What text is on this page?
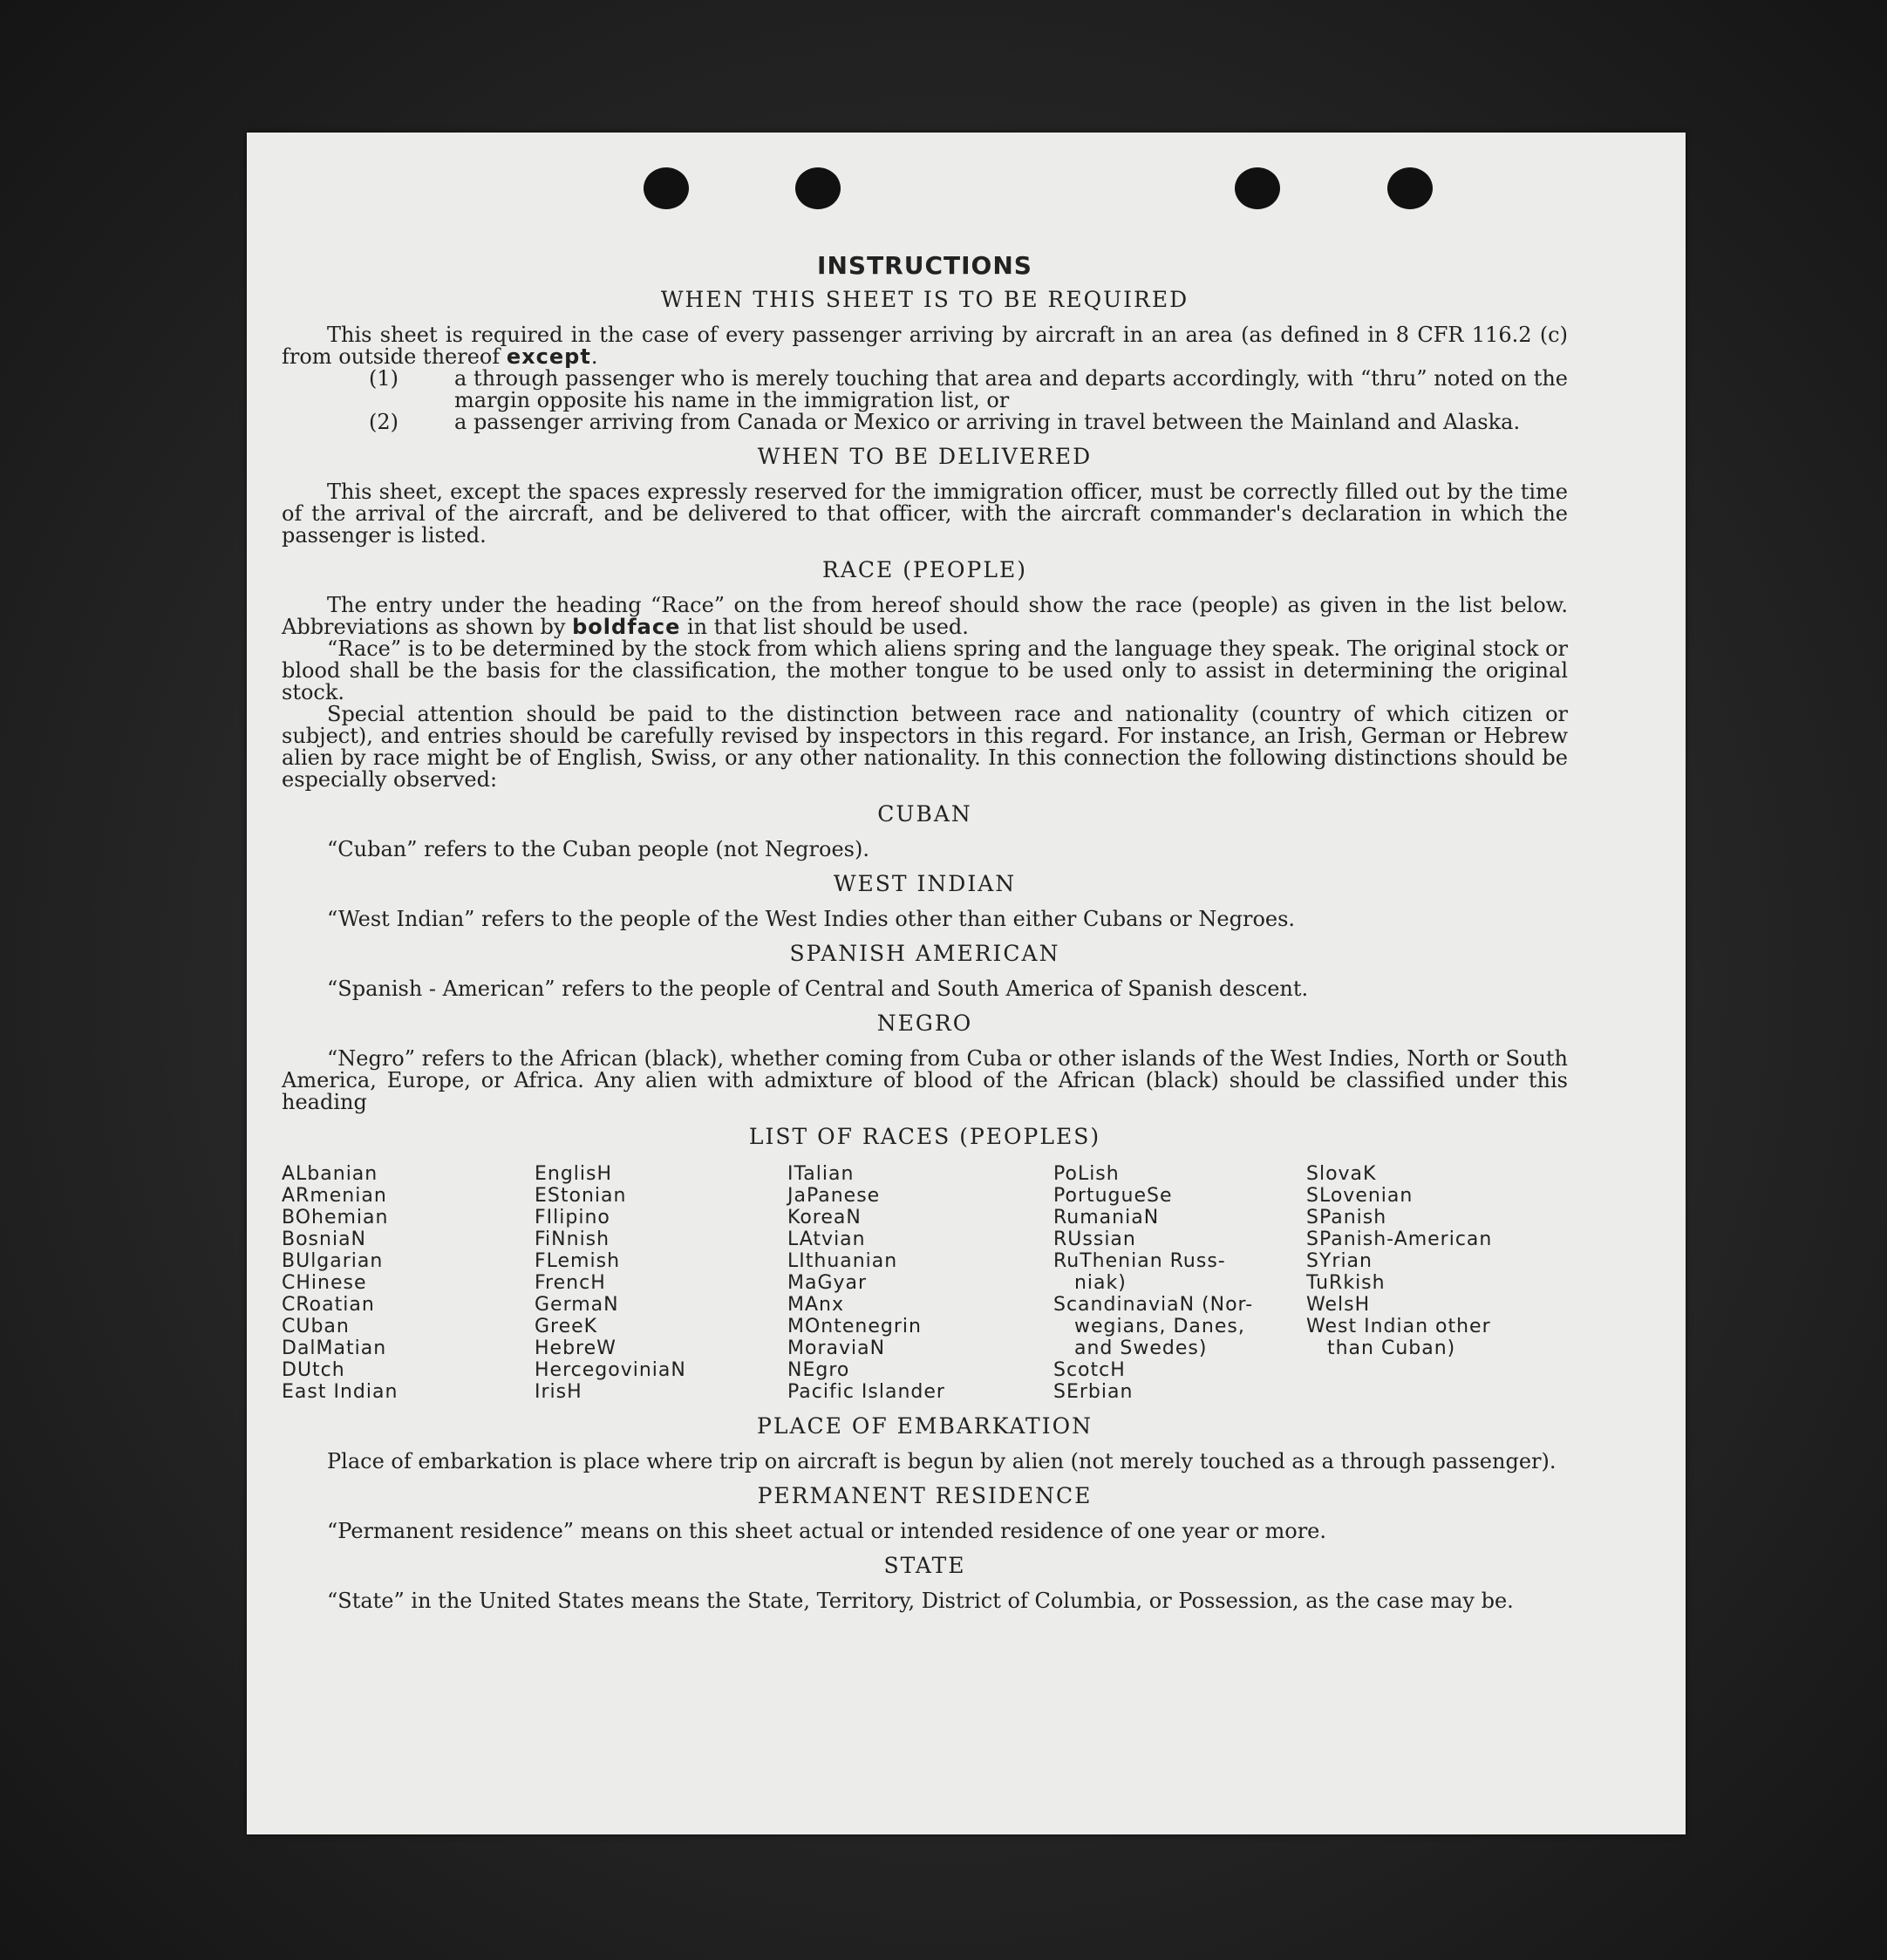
INSTRUCTIONS
WHEN THIS SHEET IS TO BE REQUIRED

This sheet is required in the case of every passenger arriving by aircraft in an area (as defined in 8 CFR 116.2 (c) from outside thereof except.

(1)	a through passenger who is merely touching that area and departs accordingly, with “thru” noted on the margin opposite his name in the immigration list, or

(2)	a passenger arriving from Canada or Mexico or arriving in travel between the Mainland and Alaska.

WHEN TO BE DELIVERED

This sheet, except the spaces expressly reserved for the immigration officer, must be correctly filled out by the time of the arrival of the aircraft, and be delivered to that officer, with the aircraft commander's declaration in which the passenger is listed.

RACE (PEOPLE)

The entry under the heading “Race” on the from hereof should show the race (people) as given in the list below. Abbreviations as shown by boldface in that list should be used.

“Race” is to be determined by the stock from which aliens spring and the language they speak. The original stock or blood shall be the basis for the classification, the mother tongue to be used only to assist in determining the original stock.

Special attention should be paid to the distinction between race and nationality (country of which citizen or subject), and entries should be carefully revised by inspectors in this regard. For instance, an Irish, German or Hebrew alien by race might be of English, Swiss, or any other nationality. In this connection the following distinctions should be especially observed:

CUBAN

“Cuban” refers to the Cuban people (not Negroes).

WEST INDIAN

“West Indian” refers to the people of the West Indies other than either Cubans or Negroes.

SPANISH AMERICAN

“Spanish - American” refers to the people of Central and South America of Spanish descent.

NEGRO

“Negro” refers to the African (black), whether coming from Cuba or other islands of the West Indies, North or South America, Europe, or Africa. Any alien with admixture of blood of the African (black) should be classified under this heading

LIST OF RACES (PEOPLES)
ALbanian
ARmenian
BOhemian
BosniaN
BUlgarian
CHinese
CRoatian
CUban
DalMatian
DUtch
East Indian
EnglisH
EStonian
FIlipino
FiNnish
FLemish
FrencH
GermaN
GreeK
HebreW
HercegoviniaN
IrisH
ITalian
JaPanese
KoreaN
LAtvian
LIthuanian
MaGyar
MAnx
MOntenegrin
MoraviaN
NEgro
Pacific Islander
PoLish
PortugueSe
RumaniaN
RUssian
RuThenian Russ-
niak)
ScandinaviaN (Nor-
wegians, Danes,
and Swedes)
ScotcH
SErbian
SlovaK
SLovenian
SPanish
SPanish-American
SYrian
TuRkish
WelsH
West Indian other
than Cuban)
PLACE OF EMBARKATION

Place of embarkation is place where trip on aircraft is begun by alien (not merely touched as a through passenger).

PERMANENT RESIDENCE

“Permanent residence” means on this sheet actual or intended residence of one year or more.

STATE

“State” in the United States means the State, Territory, District of Columbia, or Possession, as the case may be.
